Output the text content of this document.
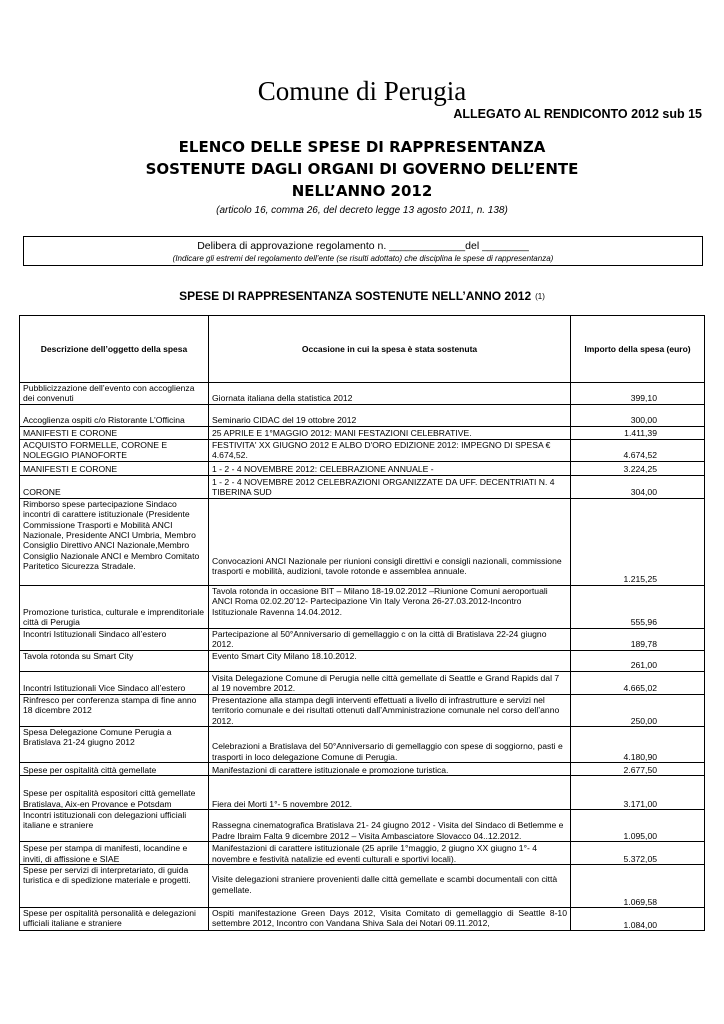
Comune di Perugia
ALLEGATO AL RENDICONTO 2012 sub 15
ELENCO DELLE SPESE DI RAPPRESENTANZA
SOSTENUTE DAGLI ORGANI DI GOVERNO DELL’ENTE
NELL’ANNO 2012
(articolo 16, comma 26, del decreto legge 13 agosto 2011, n. 138)
Delibera di approvazione regolamento n. _____________del ________
(Indicare gli estremi del regolamento dell’ente (se risulti adottato) che disciplina le spese di rappresentanza)
SPESE DI RAPPRESENTANZA SOSTENUTE NELL’ANNO 2012 (1)
Descrizione dell’oggetto della spesa	Occasione in cui la spesa è stata sostenuta	Importo della spesa (euro)
Pubblicizzazione dell’evento con accoglienza dei convenuti	Giornata italiana della statistica 2012	399,10
Accoglienza ospiti c/o Ristorante L’Officina	Seminario CIDAC del 19 ottobre 2012	300,00
MANIFESTI E CORONE	25 APRILE E 1°MAGGIO 2012: MANI FESTAZIONI CELEBRATIVE.	1.411,39
ACQUISTO FORMELLE, CORONE E NOLEGGIO PIANOFORTE	FESTIVITA' XX GIUGNO 2012 E ALBO D'ORO EDIZIONE 2012: IMPEGNO DI SPESA € 4.674,52.	4.674,52
MANIFESTI E CORONE	1 - 2 - 4 NOVEMBRE 2012: CELEBRAZIONE ANNUALE -	3.224,25
CORONE	1 - 2 - 4 NOVEMBRE 2012 CELEBRAZIONI ORGANIZZATE DA UFF. DECENTRIATI N. 4 TIBERINA SUD	304,00
Rimborso spese partecipazione Sindaco incontri di carattere istituzionale (Presidente Commissione Trasporti e Mobilità ANCI Nazionale, Presidente ANCI Umbria, Membro Consiglio Direttivo ANCI Nazionale,Membro Consiglio Nazionale ANCI e Membro Comitato Paritetico Sicurezza Stradale.	Convocazioni ANCI Nazionale per riunioni consigli direttivi e consigli nazionali, commissione trasporti e mobilità, audizioni, tavole rotonde e assemblea annuale.	1.215,25
Promozione turistica, culturale e imprenditoriale città di Perugia	Tavola rotonda in occasione BIT – Milano 18-19.02.2012 –Riunione Comuni aeroportuali ANCI Roma 02.02.20’12- Partecipazione Vin Italy Verona 26-27.03.2012-Incontro Istituzionale Ravenna 14.04.2012.	555,96
Incontri Istituzionali Sindaco all’estero	Partecipazione al 50°Anniversario di gemellaggio c on la città di Bratislava 22-24 giugno 2012.	189,78
Tavola rotonda su Smart City	Evento Smart City Milano 18.10.2012.	261,00
Incontri Istituzionali Vice Sindaco all’estero	Visita Delegazione Comune di Perugia nelle città gemellate di Seattle e Grand Rapids dal 7 al 19 novembre 2012.	4.665,02
Rinfresco per conferenza stampa di fine anno 18 dicembre 2012	Presentazione alla stampa degli interventi effettuati a livello di infrastrutture e servizi nel territorio comunale e dei risultati ottenuti dall’Amministrazione comunale nel corso dell’anno 2012.	250,00
Spesa Delegazione Comune Perugia a Bratislava 21-24 giugno 2012	Celebrazioni a Bratislava del 50°Anniversario di gemellaggio con spese di soggiorno, pasti e trasporti in loco delegazione Comune di Perugia.	4.180,90
Spese per ospitalità città gemellate	Manifestazioni di carattere istituzionale e promozione turistica.	2.677,50
Spese per ospitalità espositori città gemellate Bratislava, Aix-en Provance e Potsdam	Fiera dei Morti 1°- 5 novembre 2012.	3.171,00
Incontri istituzionali con delegazioni ufficiali italiane e straniere	Rassegna cinematografica Bratislava 21- 24 giugno 2012 - Visita del Sindaco di Betlemme e Padre Ibraim Falta 9 dicembre 2012 – Visita Ambasciatore Slovacco 04..12.2012.	1.095,00
Spese per stampa di manifesti, locandine e inviti, di affissione e SIAE	Manifestazioni di carattere istituzionale (25 aprile 1°maggio, 2 giugno XX giugno 1°- 4 novembre e festività natalizie ed eventi culturali e sportivi locali).	5.372,05
Spese per servizi di interpretariato, di guida turistica e di spedizione materiale e progetti.	Visite delegazioni straniere provenienti dalle città gemellate e scambi documentali con città gemellate.	1.069,58
Spese per ospitalità personalità e delegazioni ufficiali italiane e straniere	Ospiti manifestazione Green Days 2012, Visita Comitato di gemellaggio di Seattle 8-10 settembre 2012, Incontro con Vandana Shiva Sala dei Notari 09.11.2012,	1.084,00
